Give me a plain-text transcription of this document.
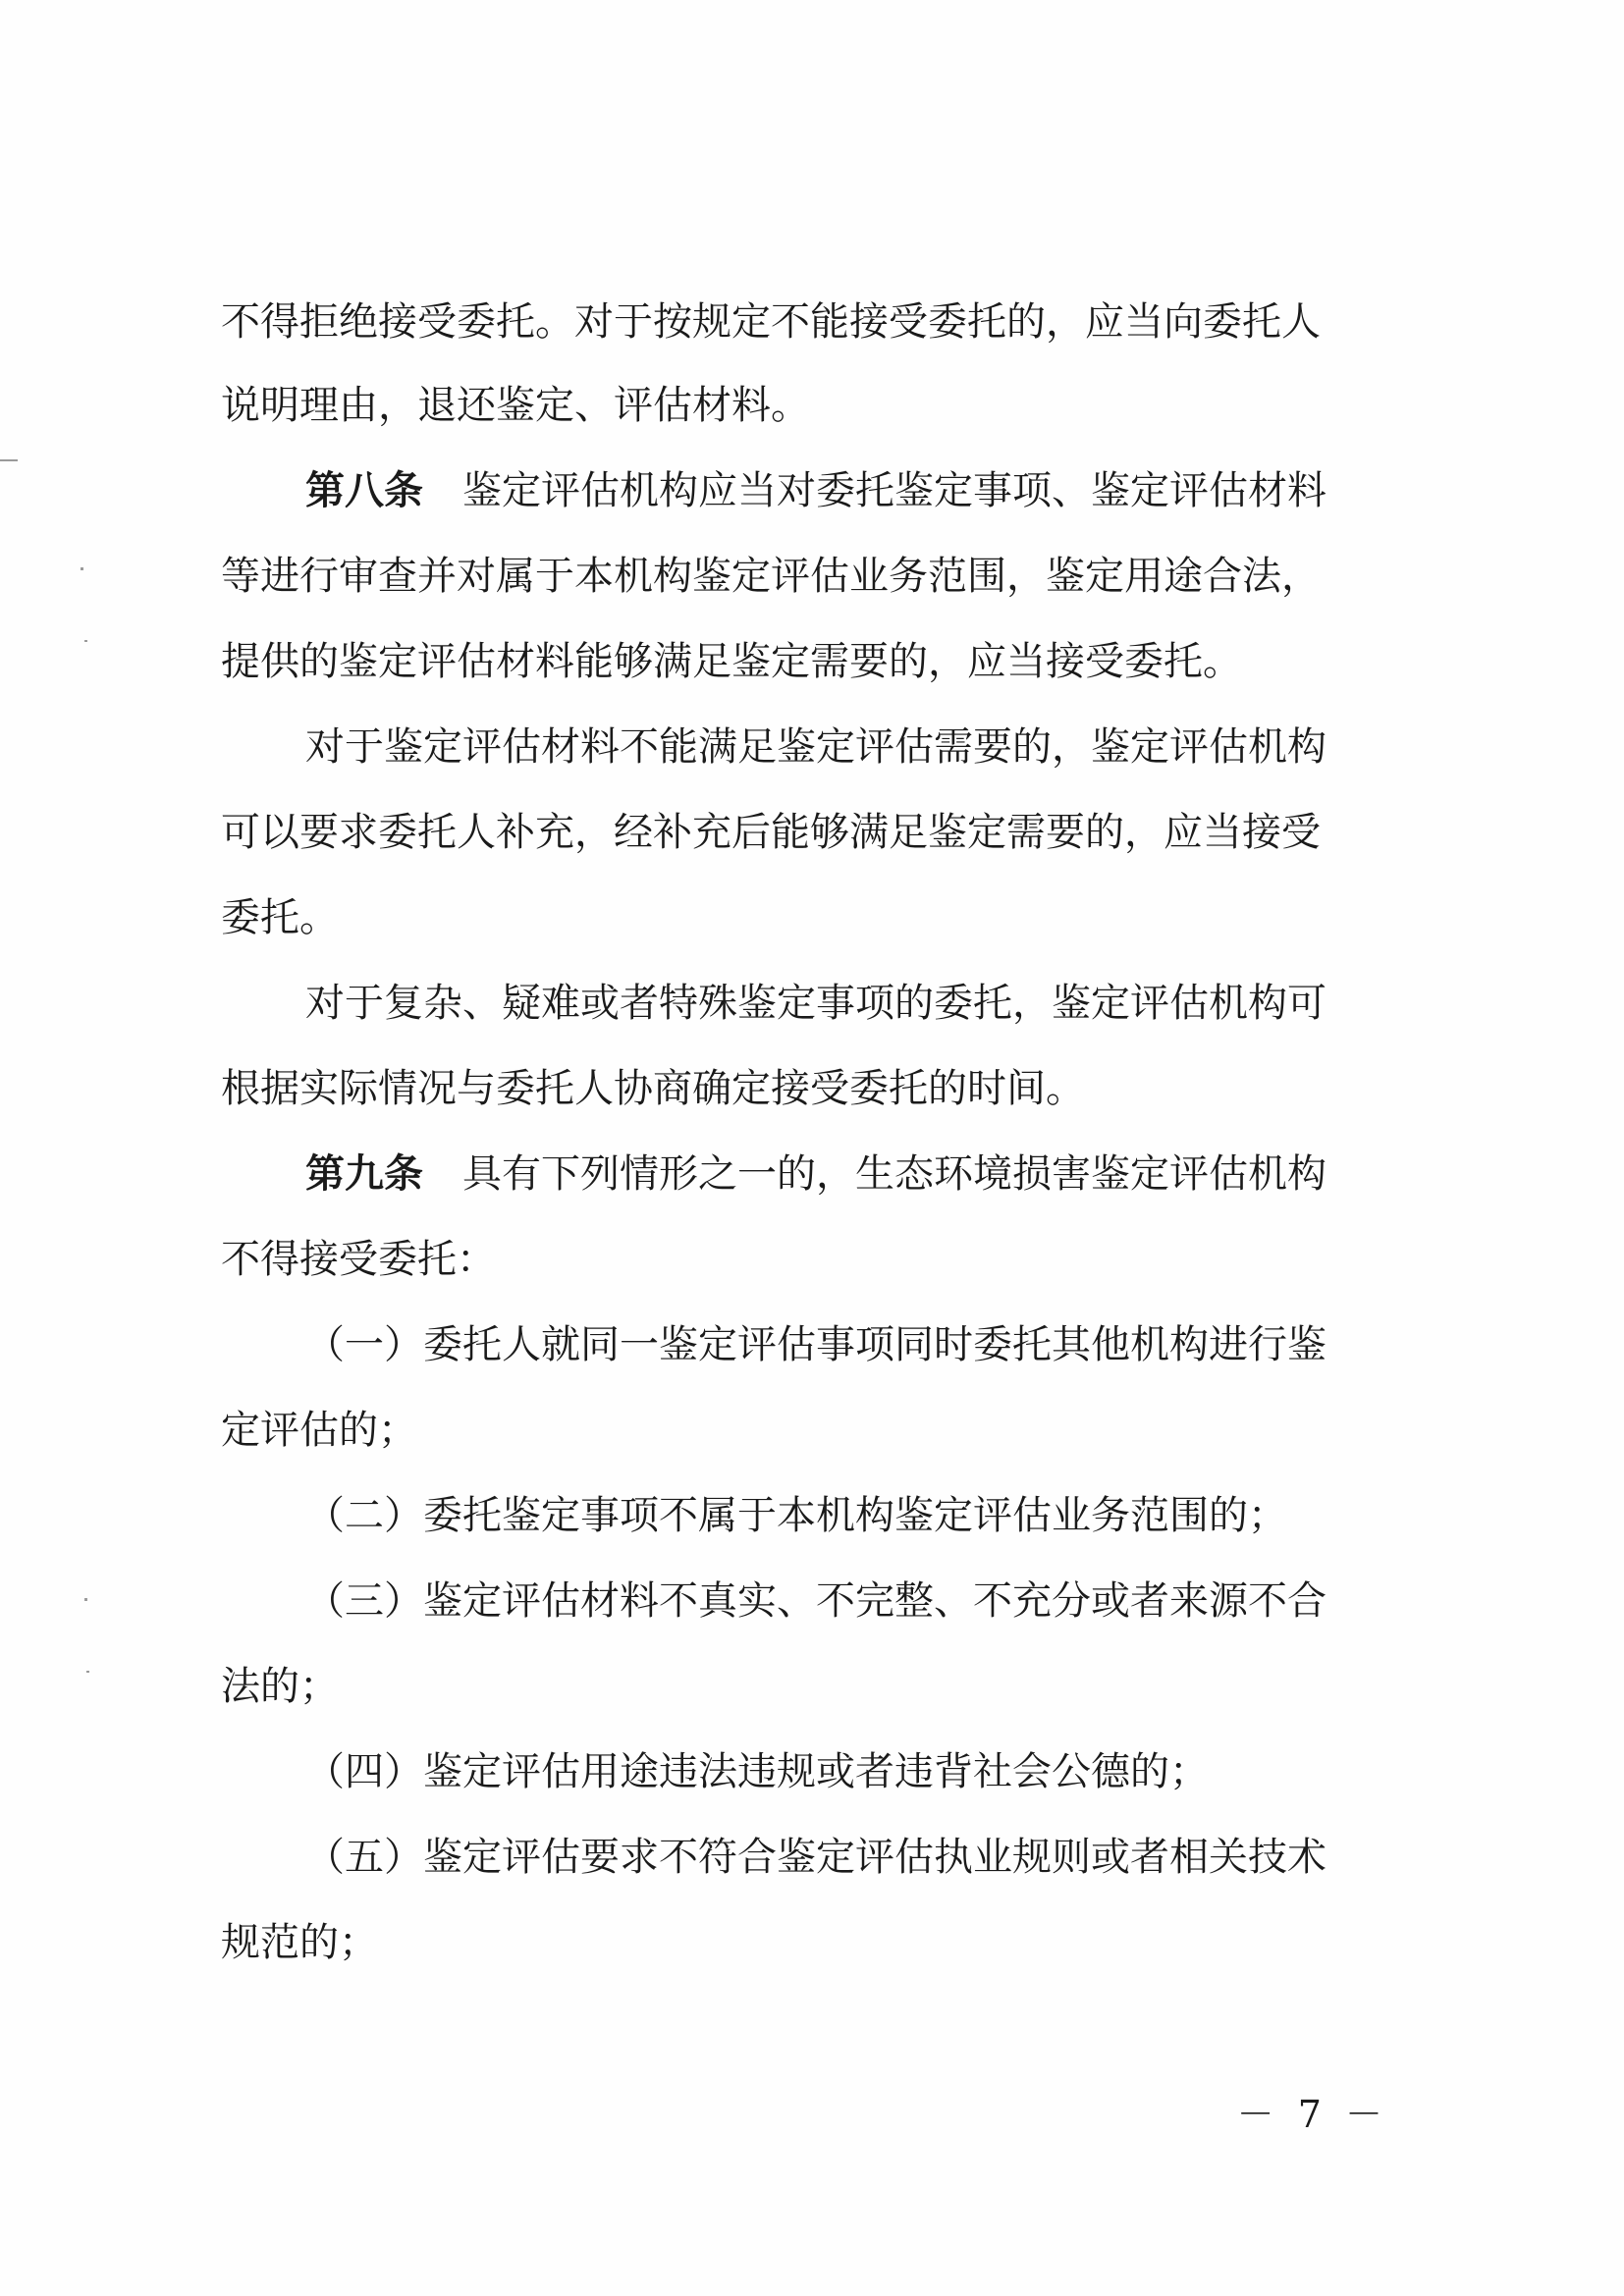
不得拒绝接受委托。对于按规定不能接受委托的，应当向委托人
说明理由，退还鉴定、评估材料。
第八条 鉴定评估机构应当对委托鉴定事项、鉴定评估材料
等进行审查并对属于本机构鉴定评估业务范围，鉴定用途合法，
提供的鉴定评估材料能够满足鉴定需要的，应当接受委托。
对于鉴定评估材料不能满足鉴定评估需要的，鉴定评估机构
可以要求委托人补充，经补充后能够满足鉴定需要的，应当接受
委托。
对于复杂、疑难或者特殊鉴定事项的委托，鉴定评估机构可
根据实际情况与委托人协商确定接受委托的时间。
第九条 具有下列情形之一的，生态环境损害鉴定评估机构
不得接受委托：
（一）委托人就同一鉴定评估事项同时委托其他机构进行鉴
定评估的；
（二）委托鉴定事项不属于本机构鉴定评估业务范围的；
（三）鉴定评估材料不真实、不完整、不充分或者来源不合
法的；
（四）鉴定评估用途违法违规或者违背社会公德的；
（五）鉴定评估要求不符合鉴定评估执业规则或者相关技术
规范的；
－ 7 －
